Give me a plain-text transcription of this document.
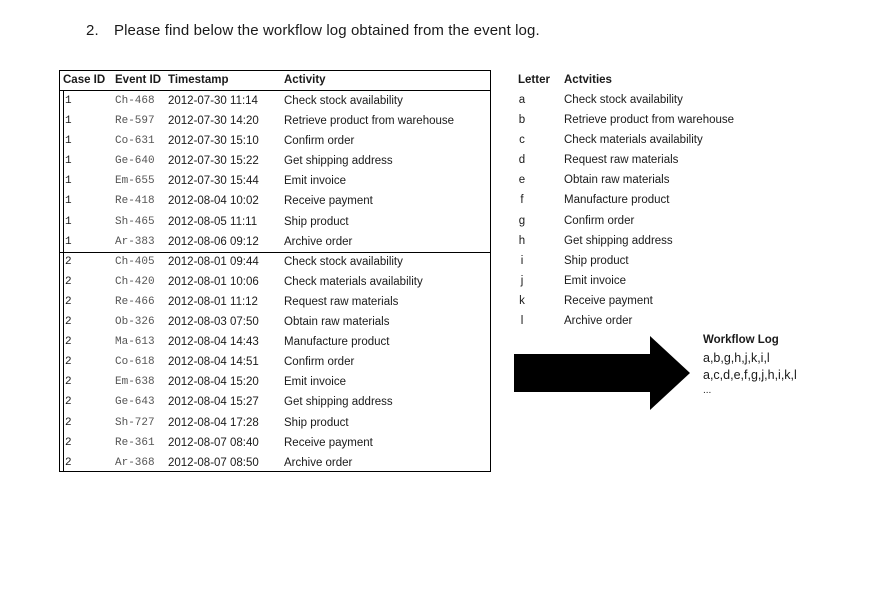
2. Please find below the workflow log obtained from the event log.
Case ID Event ID Timestamp	Activity
1	Ch-468 2012-07-30 11:14 Check stock availability
1	Re-597 2012-07-30 14:20 Retrieve product from warehouse
1	Co-631 2012-07-30 15:10 Confirm order
1	Ge-640 2012-07-30 15:22 Get shipping address
1	Em-655 2012-07-30 15:44 Emit invoice
1	Re-418 2012-08-04 10:02 Receive payment
1	Sh-465 2012-08-05 11:11 Ship product
1	Ar-383 2012-08-06 09:12 Archive order
2	Ch-405 2012-08-01 09:44 Check stock availability
2	Ch-420 2012-08-01 10:06 Check materials availability
2	Re-466 2012-08-01 11:12 Request raw materials
2	Ob-326 2012-08-03 07:50 Obtain raw materials
2	Ma-613 2012-08-04 14:43 Manufacture product
2	Co-618 2012-08-04 14:51 Confirm order
2	Em-638 2012-08-04 15:20 Emit invoice
2	Ge-643 2012-08-04 15:27 Get shipping address
2	Sh-727 2012-08-04 17:28 Ship product
2	Re-361 2012-08-07 08:40 Receive payment
2	Ar-368 2012-08-07 08:50 Archive order
Letter Actvities
a	Check stock availability
b	Retrieve product from warehouse
c	Check materials availability
d	Request raw materials
e	Obtain raw materials
f	Manufacture product
g	Confirm order
h	Get shipping address
i	Ship product
j	Emit invoice
k	Receive payment
l	Archive order
Workflow Log
a,b,g,h,j,k,i,l
a,c,d,e,f,g,j,h,i,k,l
...
